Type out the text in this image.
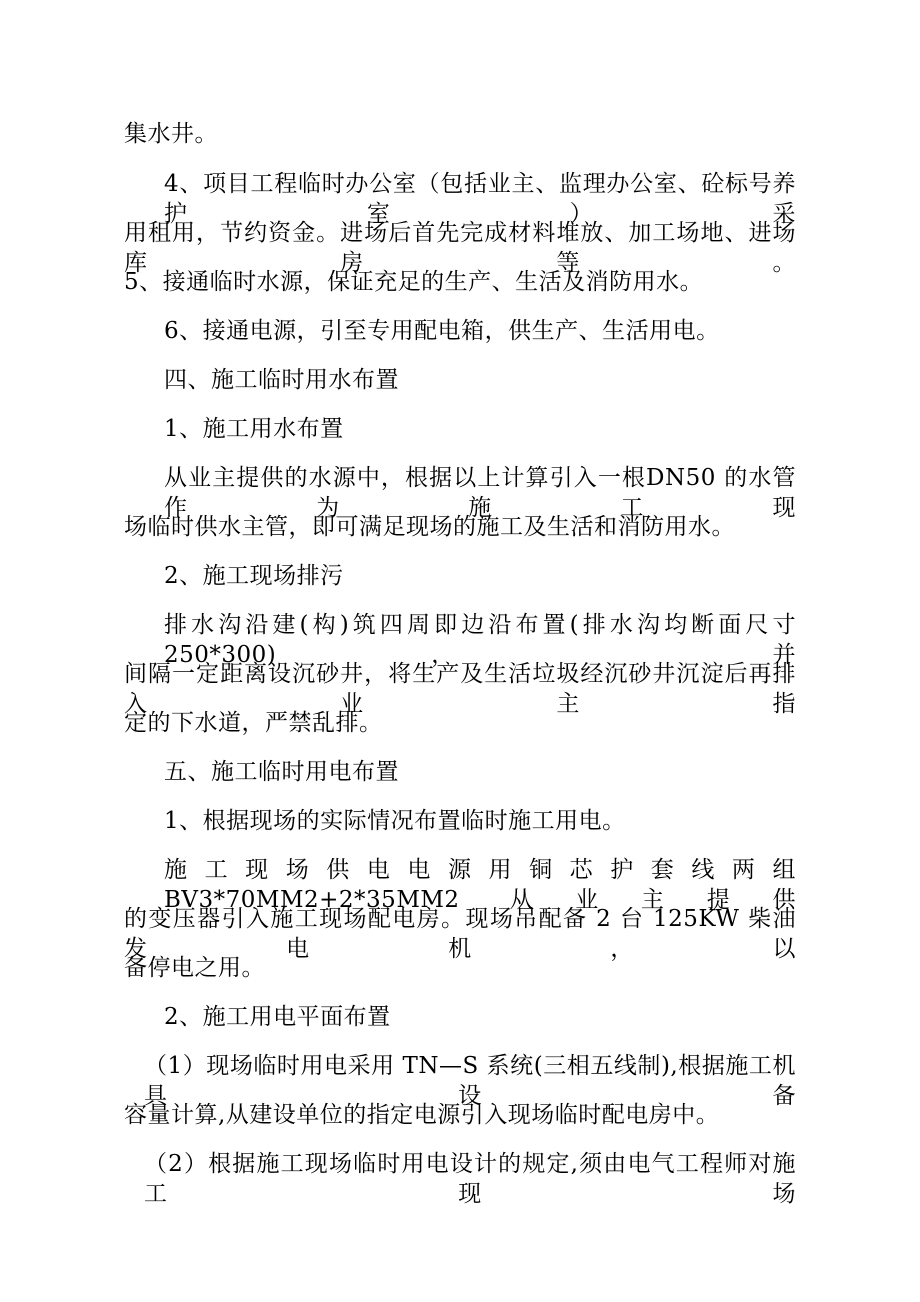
集水井。
4、项目工程临时办公室（包括业主、监理办公室、砼标号养护室）采
用租用，节约资金。进场后首先完成材料堆放、加工场地、进场库房等。
5、接通临时水源，保证充足的生产、生活及消防用水。
6、接通电源，引至专用配电箱，供生产、生活用电。
四、施工临时用水布置
1、施工用水布置
从业主提供的水源中，根据以上计算引入一根DN50 的水管作为施工现
场临时供水主管，即可满足现场的施工及生活和消防用水。
2、施工现场排污
排水沟沿建(构)筑四周即边沿布置(排水沟均断面尺寸 250*300)， 并
间隔一定距离设沉砂井，将生产及生活垃圾经沉砂井沉淀后再排入业主指
定的下水道，严禁乱排。
五、施工临时用电布置
1、根据现场的实际情况布置临时施工用电。
施工现场供电电源用铜芯护套线两组 BV3*70MM2+2*35MM2 从业主提供
的变压器引入施工现场配电房。现场吊配备 2 台 125KW 柴油发电机，以
备停电之用。
2、施工用电平面布置
（1）现场临时用电采用 TN—S 系统(三相五线制),根据施工机具设备
容量计算,从建设单位的指定电源引入现场临时配电房中。
（2）根据施工现场临时用电设计的规定,须由电气工程师对施工现场
